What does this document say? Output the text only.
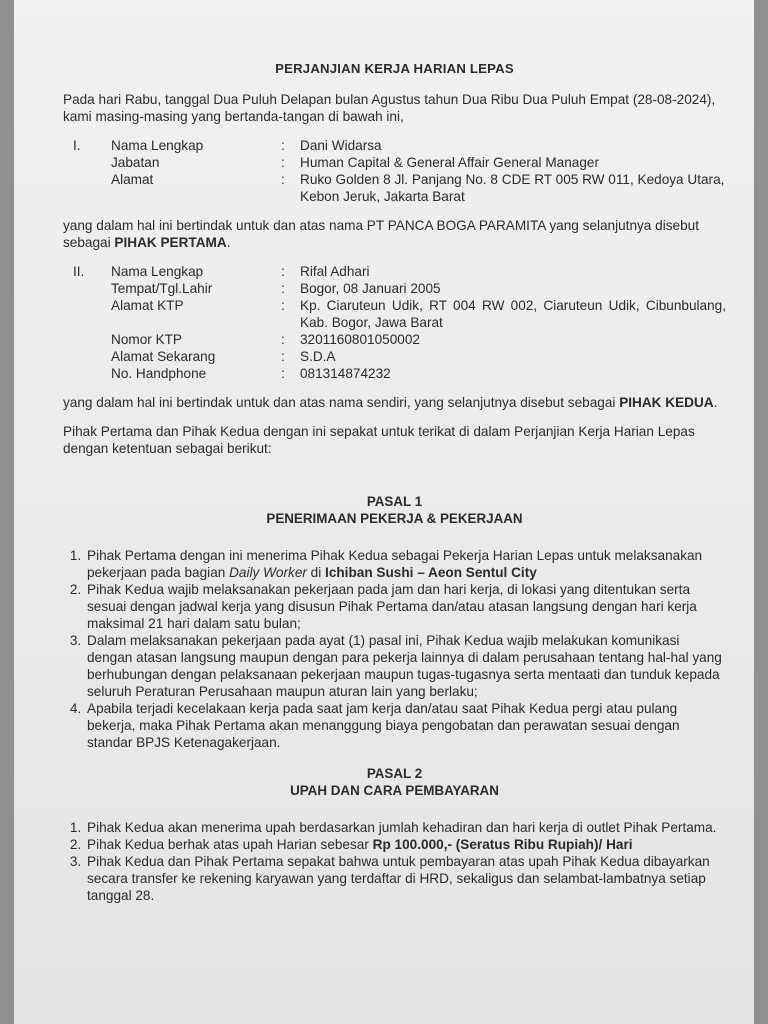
PERJANJIAN KERJA HARIAN LEPAS

Pada hari Rabu, tanggal Dua Puluh Delapan bulan Agustus tahun Dua Ribu Dua Puluh Empat (28-08-2024), kami masing-masing yang bertanda-tangan di bawah ini,

I.	Nama Lengkap	:	Dani Widarsa
Jabatan	:	Human Capital & General Affair General Manager
Alamat	:	Ruko Golden 8 Jl. Panjang No. 8 CDE RT 005 RW 011, Kedoya Utara, Kebon Jeruk, Jakarta Barat

yang dalam hal ini bertindak untuk dan atas nama PT PANCA BOGA PARAMITA yang selanjutnya disebut sebagai PIHAK PERTAMA.

II.	Nama Lengkap	:	Rifal Adhari
Tempat/Tgl.Lahir	:	Bogor, 08 Januari 2005
Alamat KTP	:	Kp. Ciaruteun Udik, RT 004 RW 002, Ciaruteun Udik, Cibunbulang, Kab. Bogor, Jawa Barat
Nomor KTP	:	3201160801050002
Alamat Sekarang	:	S.D.A
No. Handphone	:	081314874232

yang dalam hal ini bertindak untuk dan atas nama sendiri, yang selanjutnya disebut sebagai PIHAK KEDUA.

Pihak Pertama dan Pihak Kedua dengan ini sepakat untuk terikat di dalam Perjanjian Kerja Harian Lepas dengan ketentuan sebagai berikut:

PASAL 1
PENERIMAAN PEKERJA & PEKERJAAN
1. Pihak Pertama dengan ini menerima Pihak Kedua sebagai Pekerja Harian Lepas untuk melaksanakan pekerjaan pada bagian Daily Worker di Ichiban Sushi – Aeon Sentul City
2. Pihak Kedua wajib melaksanakan pekerjaan pada jam dan hari kerja, di lokasi yang ditentukan serta sesuai dengan jadwal kerja yang disusun Pihak Pertama dan/atau atasan langsung dengan hari kerja maksimal 21 hari dalam satu bulan;
3. Dalam melaksanakan pekerjaan pada ayat (1) pasal ini, Pihak Kedua wajib melakukan komunikasi dengan atasan langsung maupun dengan para pekerja lainnya di dalam perusahaan tentang hal-hal yang berhubungan dengan pelaksanaan pekerjaan maupun tugas-tugasnya serta mentaati dan tunduk kepada seluruh Peraturan Perusahaan maupun aturan lain yang berlaku;
4. Apabila terjadi kecelakaan kerja pada saat jam kerja dan/atau saat Pihak Kedua pergi atau pulang bekerja, maka Pihak Pertama akan menanggung biaya pengobatan dan perawatan sesuai dengan standar BPJS Ketenagakerjaan.
PASAL 2
UPAH DAN CARA PEMBAYARAN
1. Pihak Kedua akan menerima upah berdasarkan jumlah kehadiran dan hari kerja di outlet Pihak Pertama.
2. Pihak Kedua berhak atas upah Harian sebesar Rp 100.000,- (Seratus Ribu Rupiah)/ Hari
3. Pihak Kedua dan Pihak Pertama sepakat bahwa untuk pembayaran atas upah Pihak Kedua dibayarkan secara transfer ke rekening karyawan yang terdaftar di HRD, sekaligus dan selambat-lambatnya setiap tanggal 28.
